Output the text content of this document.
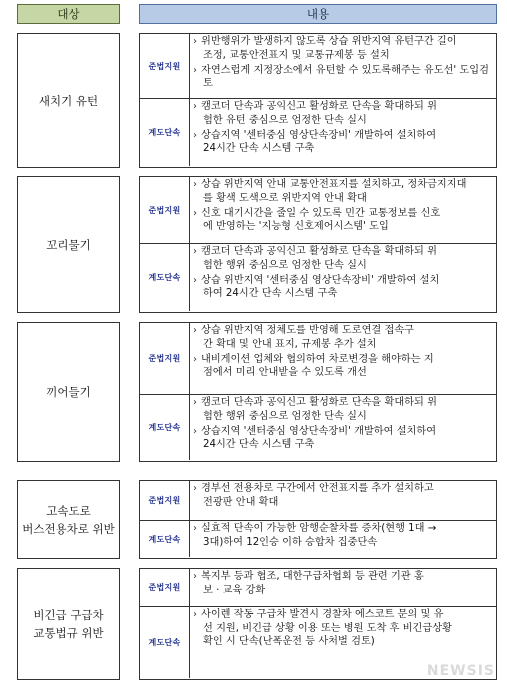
대상	내용
새치기 유턴
준법지원
› 위반행위가 발생하지 않도록 상습 위반지역 유턴구간 길이
조정, 교통안전표지 및 교통규제봉 등 설치
› 자연스럽게 지정장소에서 유턴할 수 있도록해주는 유도선' 도입검
토
계도단속
› 캠코더 단속과 공익신고 활성화로 단속을 확대하되 위
험한 유턴 중심으로 엄정한 단속 실시
› 상습지역 '센터중심 영상단속장비' 개발하여 설치하여
24시간 단속 시스템 구축
꼬리물기
준법지원
› 상습 위반지역 안내 교통안전표지를 설치하고, 정차금지지대
를 황색 도색으로 위반지역 안내 확대
› 신호 대기시간을 줄일 수 있도록 민간 교통정보를 신호
에 반영하는 '지능형 신호제어시스템' 도입
계도단속
› 캠코더 단속과 공익신고 활성화로 단속을 확대하되 위
험한 행위 중심으로 엄정한 단속 실시
› 상습 위반지역 '센터중심 영상단속장비' 개발하여 설치
하여 24시간 단속 시스템 구축
끼어들기
준법지원
› 상습 위반지역 정체도를 반영해 도로연결 접속구
간 확대 및 안내 표지, 규제봉 추가 설치
› 내비게이션 업체와 협의하여 차로변경을 해야하는 지
점에서 미리 안내받을 수 있도록 개선
계도단속
› 캠코더 단속과 공익신고 활성화로 단속을 확대하되 위
험한 행위 중심으로 엄정한 단속 실시
› 상습지역 '센터중심 영상단속장비' 개발하여 설치하여
24시간 단속 시스템 구축
고속도로
버스전용차로 위반
준법지원
› 경부선 전용차로 구간에서 안전표지를 추가 설치하고
전광판 안내 확대
계도단속
› 실효적 단속이 가능한 암행순찰차를 증차(현행 1대 →
3대)하여 12인승 이하 승합차 집중단속
비긴급 구급차
교통법규 위반
준법지원
› 복지부 등과 협조, 대한구급차협회 등 관련 기관 홍
보 · 교육 강화
계도단속
› 사이렌 작동 구급차 발견시 경찰차 에스코트 문의 및 유
선 지원, 비긴급 상황 이용 또는 병원 도착 후 비긴급상황
확인 시 단속(난폭운전 등 사처벌 검토)
NEWSIS
